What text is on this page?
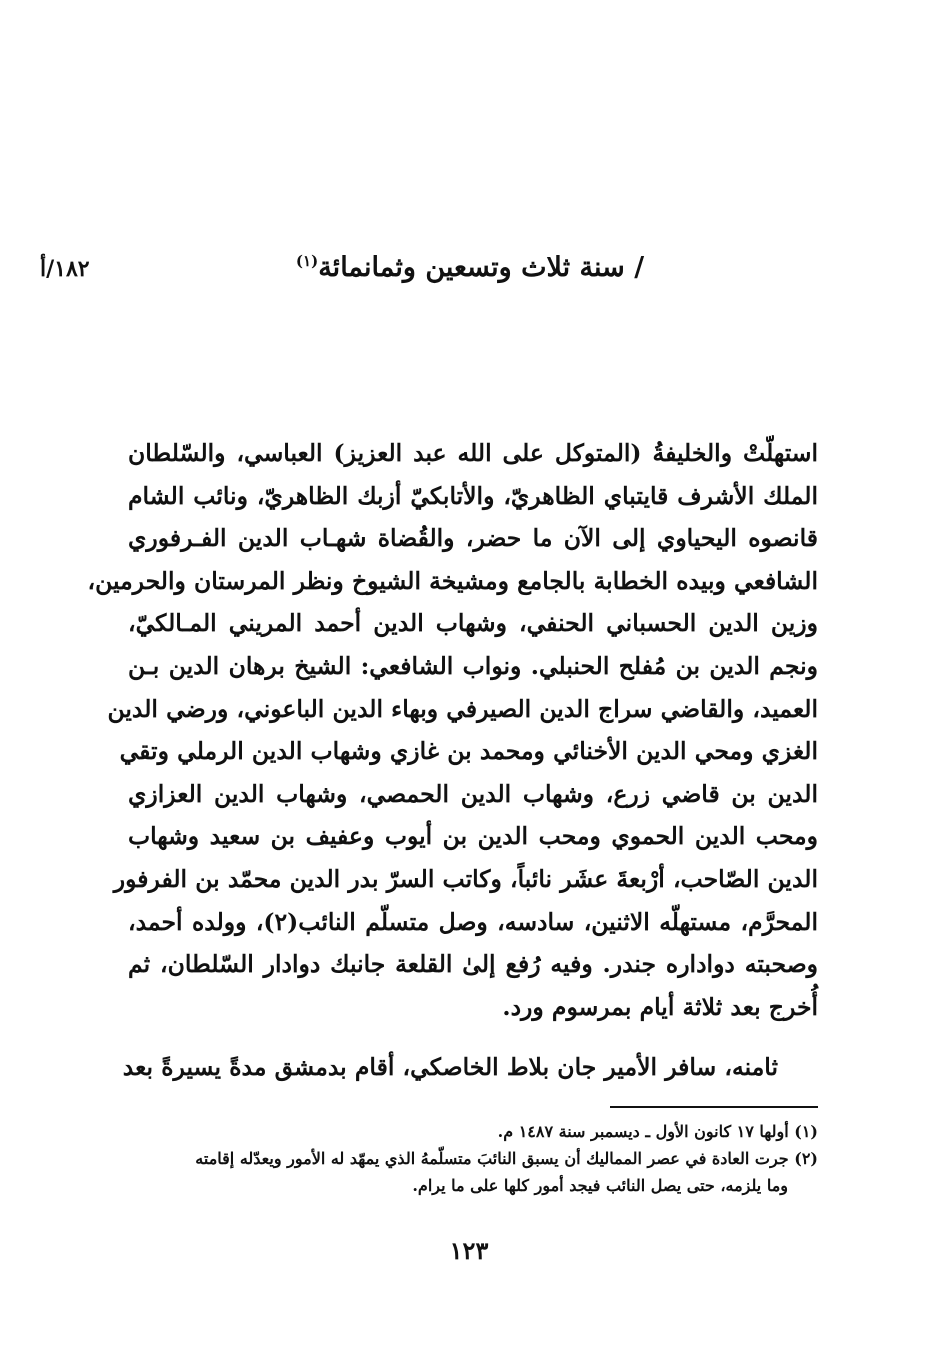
١٨٢/أ	/ سنة ثلاث وتسعين وثمانمائة$^{(١)}$
استهلّتْ والخليفةُ (المتوكل على الله عبد العزيز) العباسي، والسّلطان
الملك الأشرف قايتباي الظاهريّ، والأتابكيّ أزبك الظاهريّ، ونائب الشام
قانصوه اليحياوي إلى الآن ما حضر، والقُضاة شهـاب الدين الفـرفوري
الشافعي وبيده الخطابة بالجامع ومشيخة الشيوخ ونظر المرستان والحرمين،
وزين الدين الحسباني الحنفي، وشهاب الدين أحمد المريني المـالكيّ،
ونجم الدين بن مُفلح الحنبلي. ونواب الشافعي: الشيخ برهان الدين بـن
العميد، والقاضي سراج الدين الصيرفي وبهاء الدين الباعوني، ورضي الدين
الغزي ومحي الدين الأخنائي ومحمد بن غازي وشهاب الدين الرملي وتقي
الدين بن قاضي زرع، وشهاب الدين الحمصي، وشهاب الدين العزازي
ومحب الدين الحموي ومحب الدين بن أيوب وعفيف بن سعيد وشهاب
الدين الصّاحب، أرْبعةَ عشَر نائباً، وكاتب السرّ بدر الدين محمّد بن الفرفور
المحرَّم، مستهلّه الاثنين، سادسه، وصل متسلّم النائب(٢)، وولده أحمد،
وصحبته دواداره جندر. وفيه رُفع إلىٰ القلعة جانبك دوادار السّلطان، ثم
أُخرج بعد ثلاثة أيام بمرسوم ورد.
ثامنه، سافر الأمير جان بلاط الخاصكي، أقام بدمشق مدةً يسيرةً بعد
(١) أولها ١٧ كانون الأول ـ ديسمبر سنة ١٤٨٧ م.
(٢) جرت العادة في عصر المماليك أن يسبق النائبَ متسلّمهُ الذي يمهّد له الأمور ويعدّله إقامته
وما يلزمه، حتى يصل النائب فيجد أمور كلها على ما يرام.
١٢٣
